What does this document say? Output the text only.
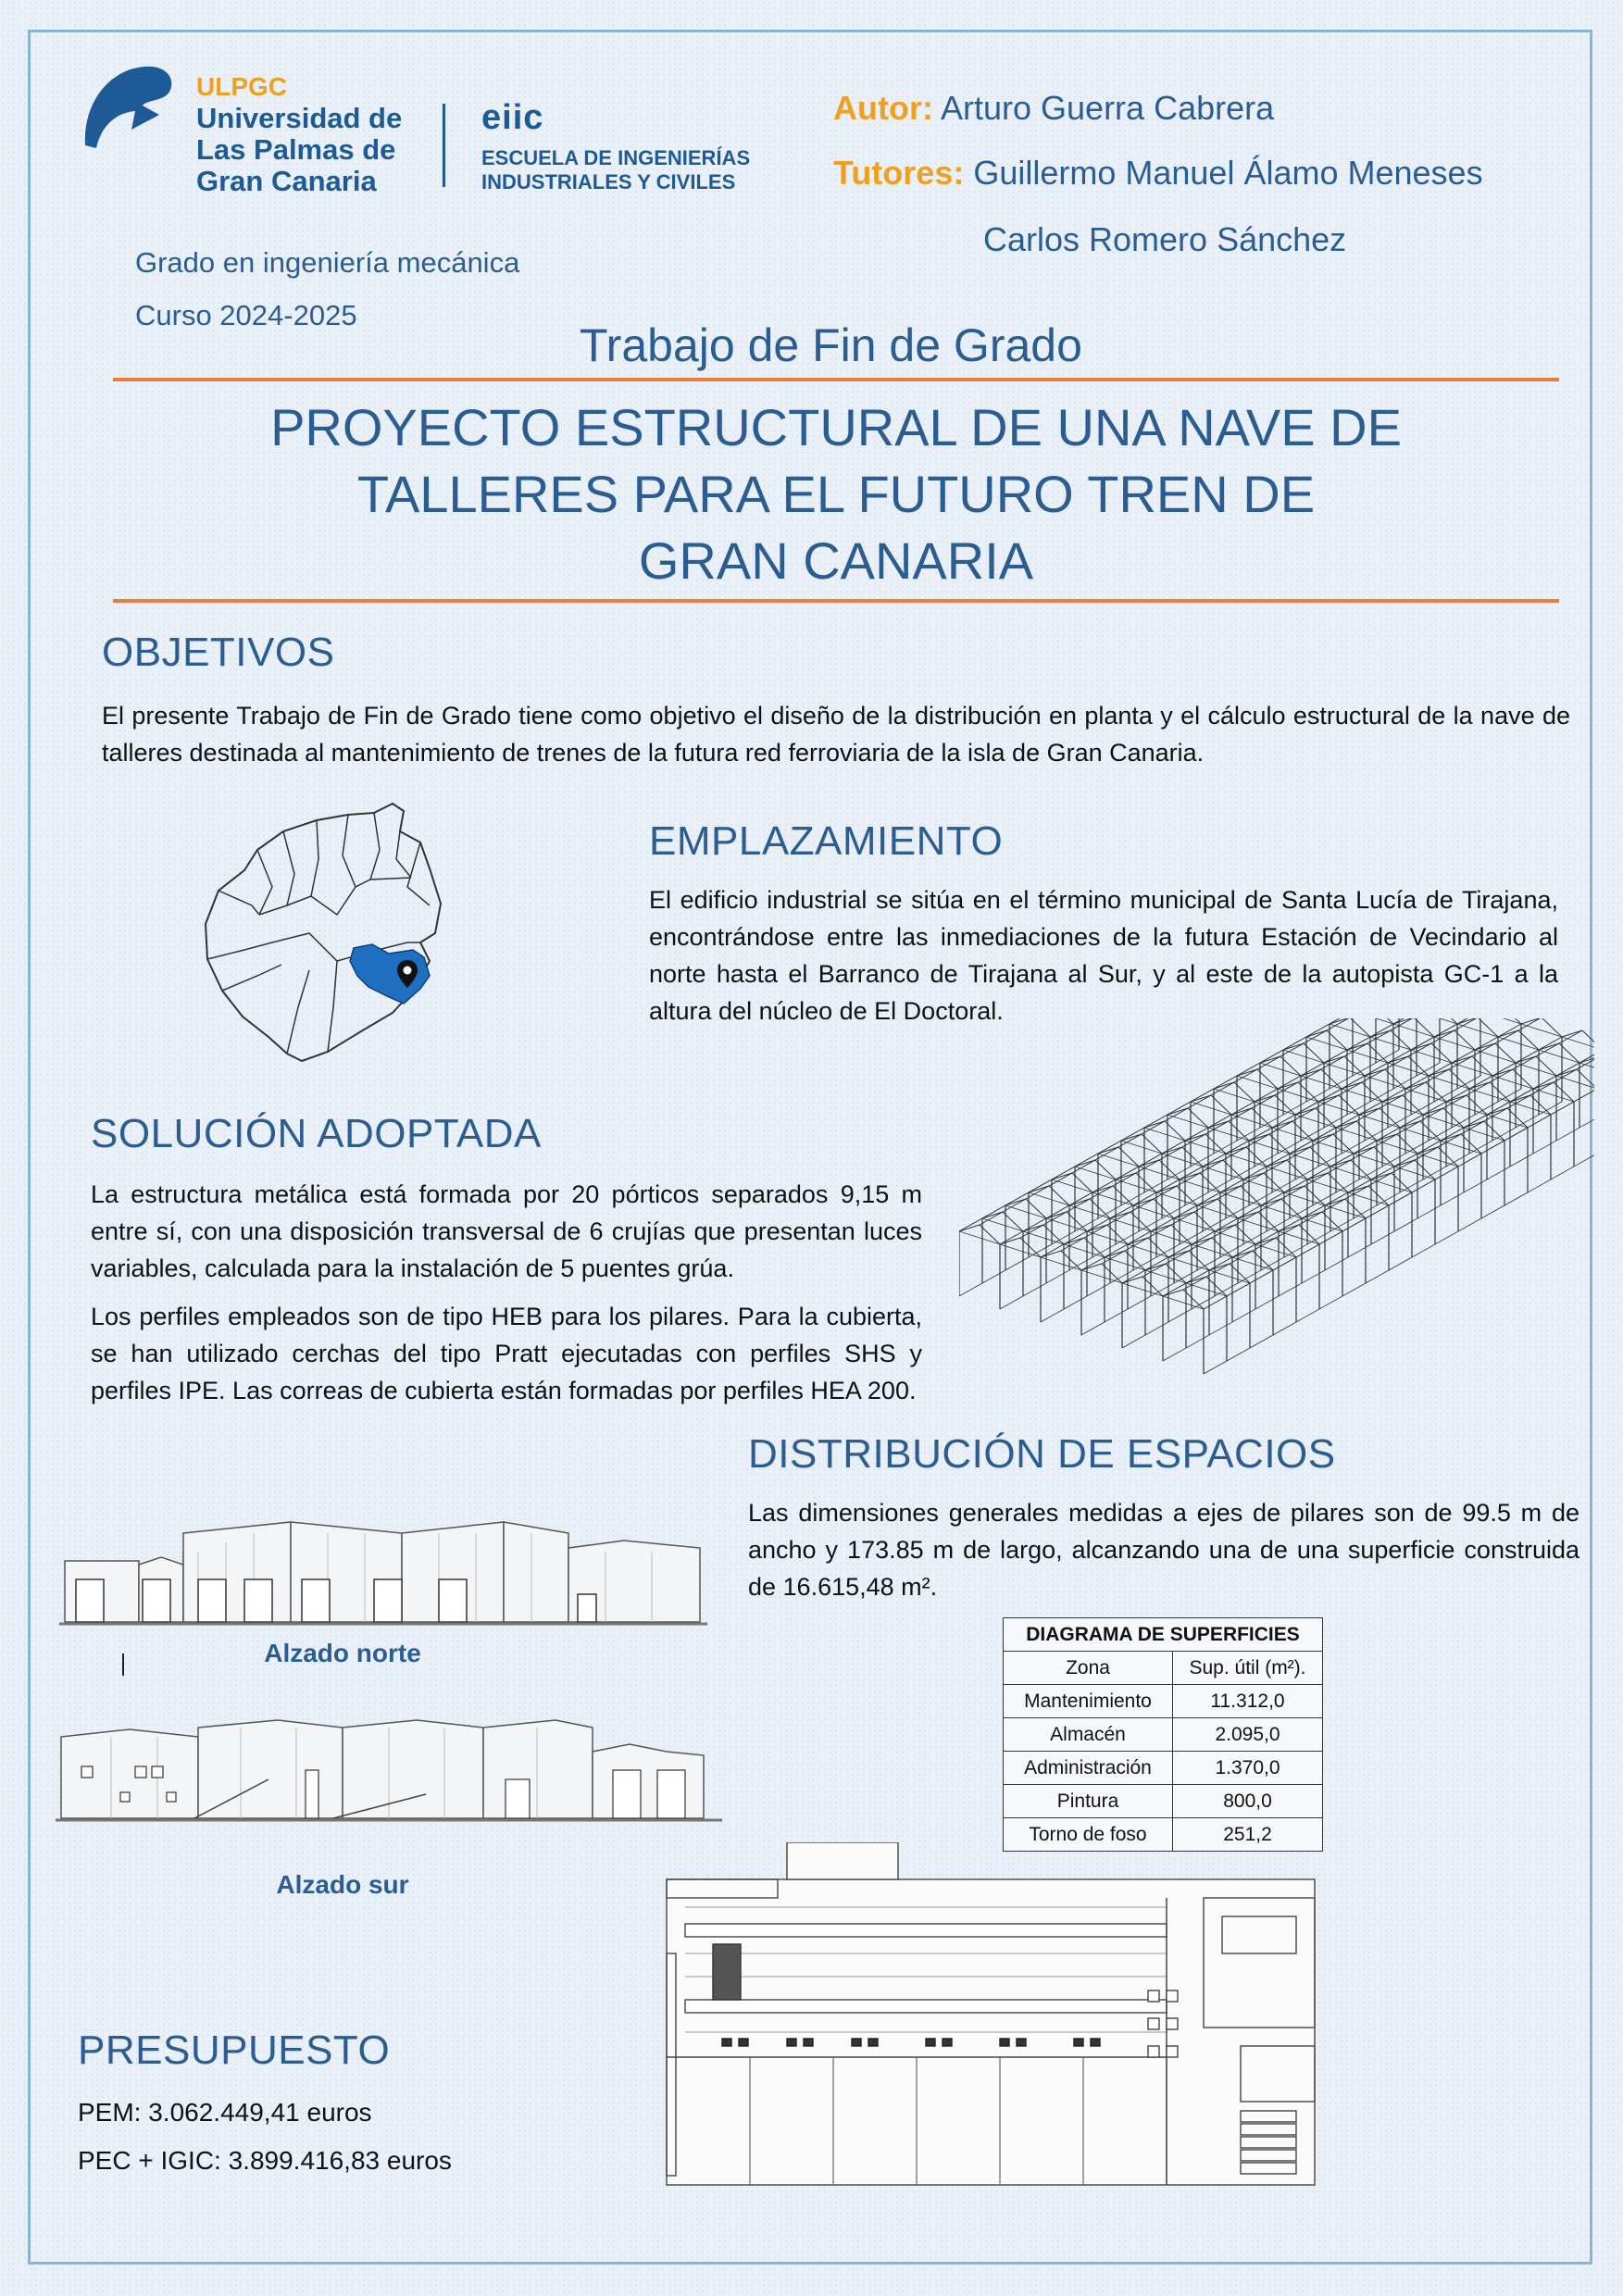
ULPGC
Universidad de
Las Palmas de
Gran Canaria
eiic
ESCUELA DE INGENIERÍAS
INDUSTRIALES Y CIVILES
Autor: Arturo Guerra Cabrera
Tutores: Guillermo Manuel Álamo Meneses
Carlos Romero Sánchez
Grado en ingeniería mecánica
Curso 2024-2025
Trabajo de Fin de Grado
PROYECTO ESTRUCTURAL DE UNA NAVE DE
TALLERES PARA EL FUTURO TREN DE
GRAN CANARIA
OBJETIVOS
El presente Trabajo de Fin de Grado tiene como objetivo el diseño de la distribución en planta y el cálculo estructural de la nave de talleres destinada al mantenimiento de trenes de la futura red ferroviaria de la isla de Gran Canaria.
EMPLAZAMIENTO
El edificio industrial se sitúa en el término municipal de Santa Lucía de Tirajana, encontrándose entre las inmediaciones de la futura Estación de Vecindario al norte hasta el Barranco de Tirajana al Sur, y al este de la autopista GC-1 a la altura del núcleo de El Doctoral.
SOLUCIÓN ADOPTADA
La estructura metálica está formada por 20 pórticos separados 9,15 m entre sí, con una disposición transversal de 6 crujías que presentan luces variables, calculada para la instalación de 5 puentes grúa.
Los perfiles empleados son de tipo HEB para los pilares. Para la cubierta, se han utilizado cerchas del tipo Pratt ejecutadas con perfiles SHS y perfiles IPE. Las correas de cubierta están formadas por perfiles HEA 200.
DISTRIBUCIÓN DE ESPACIOS
Las dimensiones generales medidas a ejes de pilares son de 99.5 m de ancho y 173.85 m de largo, alcanzando una de una superficie construida de 16.615,48 m².
DIAGRAMA DE SUPERFICIES	
Zona	Sup. útil (m²).
Mantenimiento	11.312,0
Almacén	2.095,0
Administración	1.370,0
Pintura	800,0
Torno de foso	251,2
Alzado norte
Alzado sur
PRESUPUESTO
PEM: 3.062.449,41 euros
PEC + IGIC: 3.899.416,83 euros
